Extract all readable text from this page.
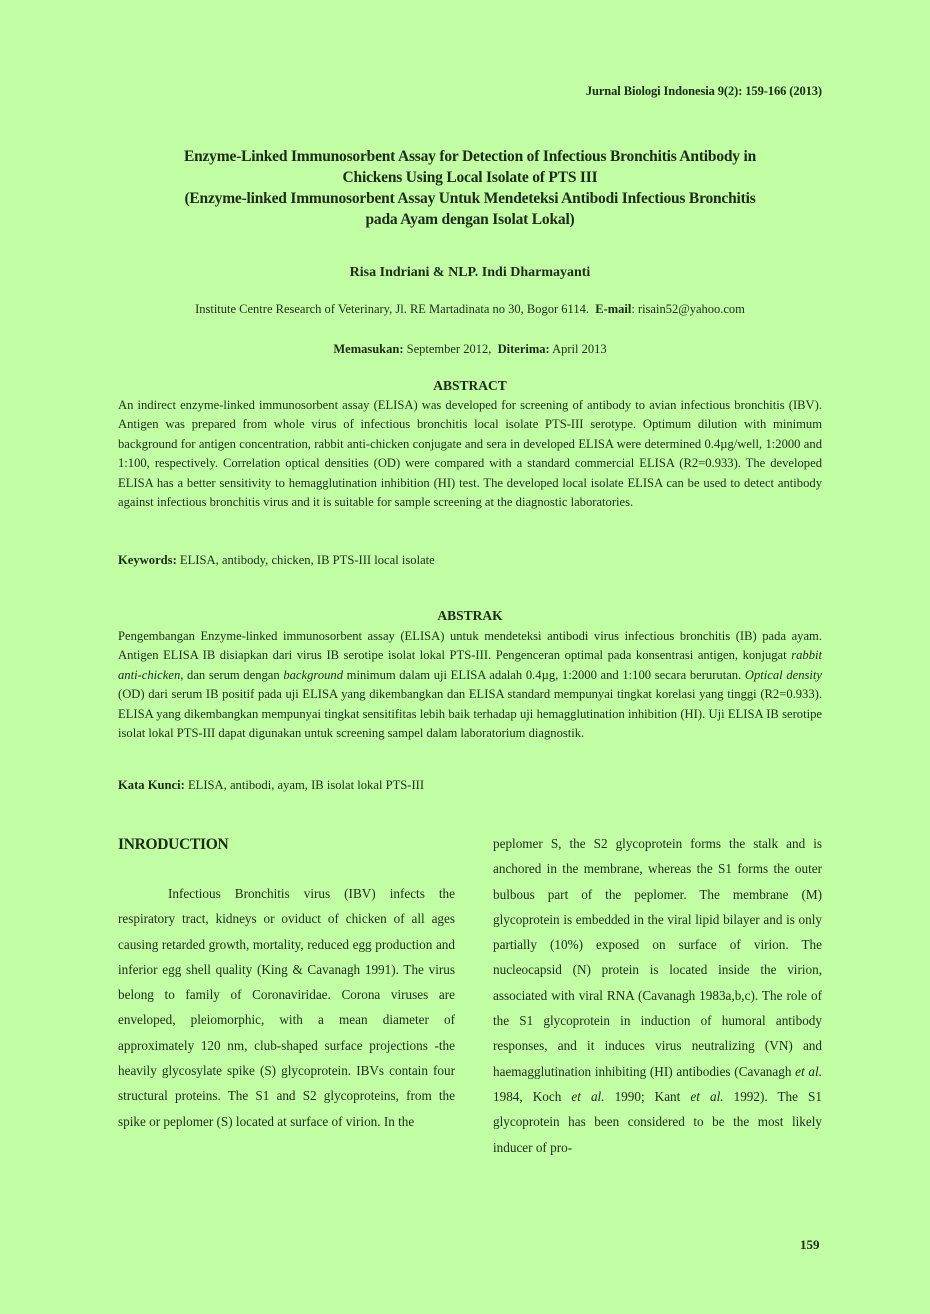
Jurnal Biologi Indonesia 9(2): 159-166 (2013)
Enzyme-Linked Immunosorbent Assay for Detection of Infectious Bronchitis Antibody in
Chickens Using Local Isolate of PTS III
(Enzyme-linked Immunosorbent Assay Untuk Mendeteksi Antibodi Infectious Bronchitis
pada Ayam dengan Isolat Lokal)
Risa Indriani & NLP. Indi Dharmayanti
Institute Centre Research of Veterinary, Jl. RE Martadinata no 30, Bogor 6114. E-mail: risain52@yahoo.com
Memasukan: September 2012, Diterima: April 2013
ABSTRACT
An indirect enzyme-linked immunosorbent assay (ELISA) was developed for screening of antibody to avian infectious bronchitis (IBV). Antigen was prepared from whole virus of infectious bronchitis local isolate PTS-III serotype. Optimum dilution with minimum background for antigen concentration, rabbit anti-chicken conjugate and sera in developed ELISA were determined 0.4µg/well, 1:2000 and 1:100, respectively. Correlation optical densities (OD) were compared with a standard commercial ELISA (R2=0.933). The developed ELISA has a better sensitivity to hemagglutination inhibition (HI) test. The developed local isolate ELISA can be used to detect antibody against infectious bronchitis virus and it is suitable for sample screening at the diagnostic laboratories.
Keywords: ELISA, antibody, chicken, IB PTS-III local isolate
ABSTRAK
Pengembangan Enzyme-linked immunosorbent assay (ELISA) untuk mendeteksi antibodi virus infectious bronchitis (IB) pada ayam. Antigen ELISA IB disiapkan dari virus IB serotipe isolat lokal PTS-III. Pengenceran optimal pada konsentrasi antigen, konjugat rabbit anti-chicken, dan serum dengan background minimum dalam uji ELISA adalah 0.4µg, 1:2000 and 1:100 secara berurutan. Optical density (OD) dari serum IB positif pada uji ELISA yang dikembangkan dan ELISA standard mempunyai tingkat korelasi yang tinggi (R2=0.933). ELISA yang dikembangkan mempunyai tingkat sensitifitas lebih baik terhadap uji hemagglutination inhibition (HI). Uji ELISA IB serotipe isolat lokal PTS-III dapat digunakan untuk screening sampel dalam laboratorium diagnostik.
Kata Kunci: ELISA, antibodi, ayam, IB isolat lokal PTS-III
INRODUCTION
Infectious Bronchitis virus (IBV) infects the respiratory tract, kidneys or oviduct of chicken of all ages causing retarded growth, mortality, reduced egg production and inferior egg shell quality (King & Cavanagh 1991). The virus belong to family of Coronaviridae. Corona viruses are enveloped, pleiomorphic, with a mean diameter of approximately 120 nm, club-shaped surface projections -the heavily glycosylate spike (S) glycoprotein. IBVs contain four structural proteins. The S1 and S2 glycoproteins, from the spike or peplomer (S) located at surface of virion. In the
peplomer S, the S2 glycoprotein forms the stalk and is anchored in the membrane, whereas the S1 forms the outer bulbous part of the peplomer. The membrane (M) glycoprotein is embedded in the viral lipid bilayer and is only partially (10%) exposed on surface of virion. The nucleocapsid (N) protein is located inside the virion, associated with viral RNA (Cavanagh 1983a,b,c). The role of the S1 glycoprotein in induction of humoral antibody responses, and it induces virus neutralizing (VN) and haemagglutination inhibiting (HI) antibodies (Cavanagh et al. 1984, Koch et al. 1990; Kant et al. 1992). The S1 glycoprotein has been considered to be the most likely inducer of pro-
159
